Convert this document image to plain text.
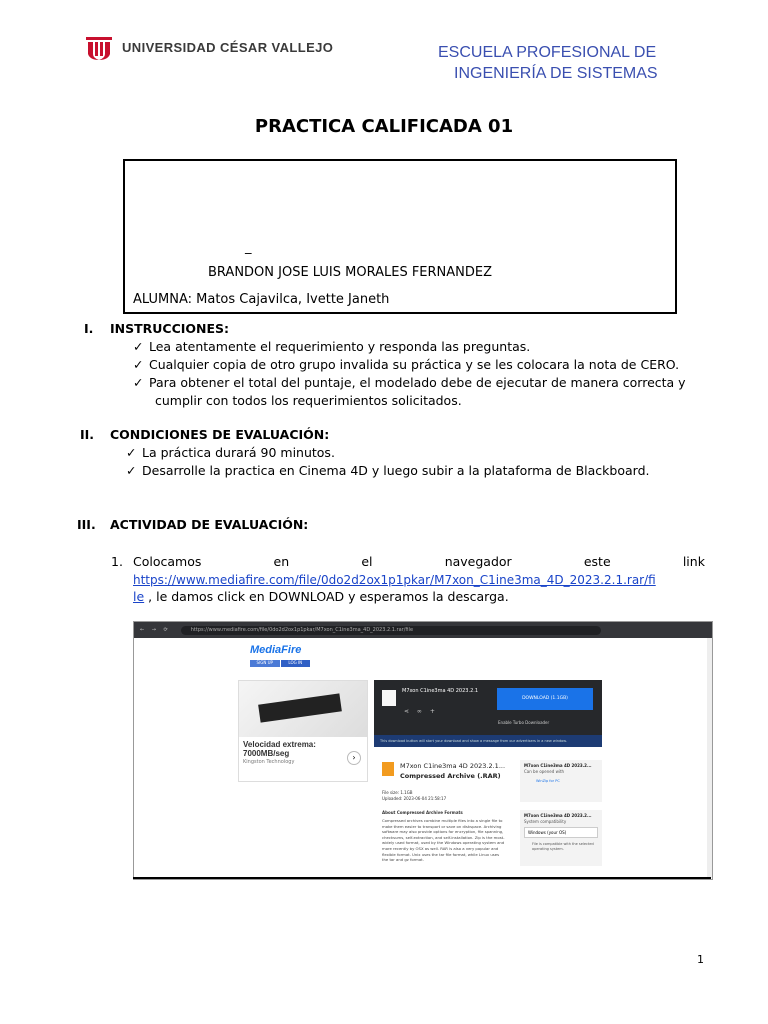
UNIVERSIDAD CÉSAR VALLEJO	ESCUELA PROFESIONAL DE
INGENIERÍA DE SISTEMAS
PRACTICA CALIFICADA 01
_
BRANDON JOSE LUIS MORALES FERNANDEZ
ALUMNA: Matos Cajavilca, Ivette Janeth
I. INSTRUCCIONES:
✓ Lea atentamente el requerimiento y responda las preguntas.
✓ Cualquier copia de otro grupo invalida su práctica y se les colocara la nota de CERO.
✓ Para obtener el total del puntaje, el modelado debe de ejecutar de manera correcta y
cumplir con todos los requerimientos solicitados.
II. CONDICIONES DE EVALUACIÓN:
✓ La práctica durará 90 minutos.
✓ Desarrolle la practica en Cinema 4D y luego subir a la plataforma de Blackboard.
III. ACTIVIDAD DE EVALUACIÓN:
1. Colocamos	en	el	navegador	este	link
https://www.mediafire.com/file/0do2d2ox1p1pkar/M7xon_C1ine3ma_4D_2023.2.1.rar/fi
le , le damos click en DOWNLOAD y esperamos la descarga.
← → ⟳	https://www.mediafire.com/file/0do2d2ox1p1pkar/M7xon_C1ine3ma_4D_2023.2.1.rar/file
MediaFire
SIGN UP	LOG IN
Velocidad extrema:
7000MB/seg
Kingston Technology	›
M7xon C1ine3ma 4D 2023.2.1
⋖ ∞ +
DOWNLOAD (1.1GB)
Enable Turbo Downloader
This download button will start your download and show a message from our advertisers in a new window.
M7xon C1ine3ma 4D 2023.2.1...
Compressed Archive (.RAR)
File size: 1.1GB
Uploaded: 2023-06-04 21:58:17
About Compressed Archive Formats
Compressed archives combine multiple files into a single file to make them easier to transport or save on diskspace. Archiving software may also provide options for encryption, file spanning, checksums, self-extraction, and self-installation. Zip is the most-widely used format, used by the Windows operating system and more recently by OSX as well. RAR is also a very popular and flexible format. Unix uses the tar file format, while Linux uses the tar and gz format.
M7xon C1ine3ma 4D 2023.2...
Can be opened with
WinZip for PC
M7xon C1ine3ma 4D 2023.2...
System compatibility
Windows (your OS)
File is compatible with the selected operating system.
1
